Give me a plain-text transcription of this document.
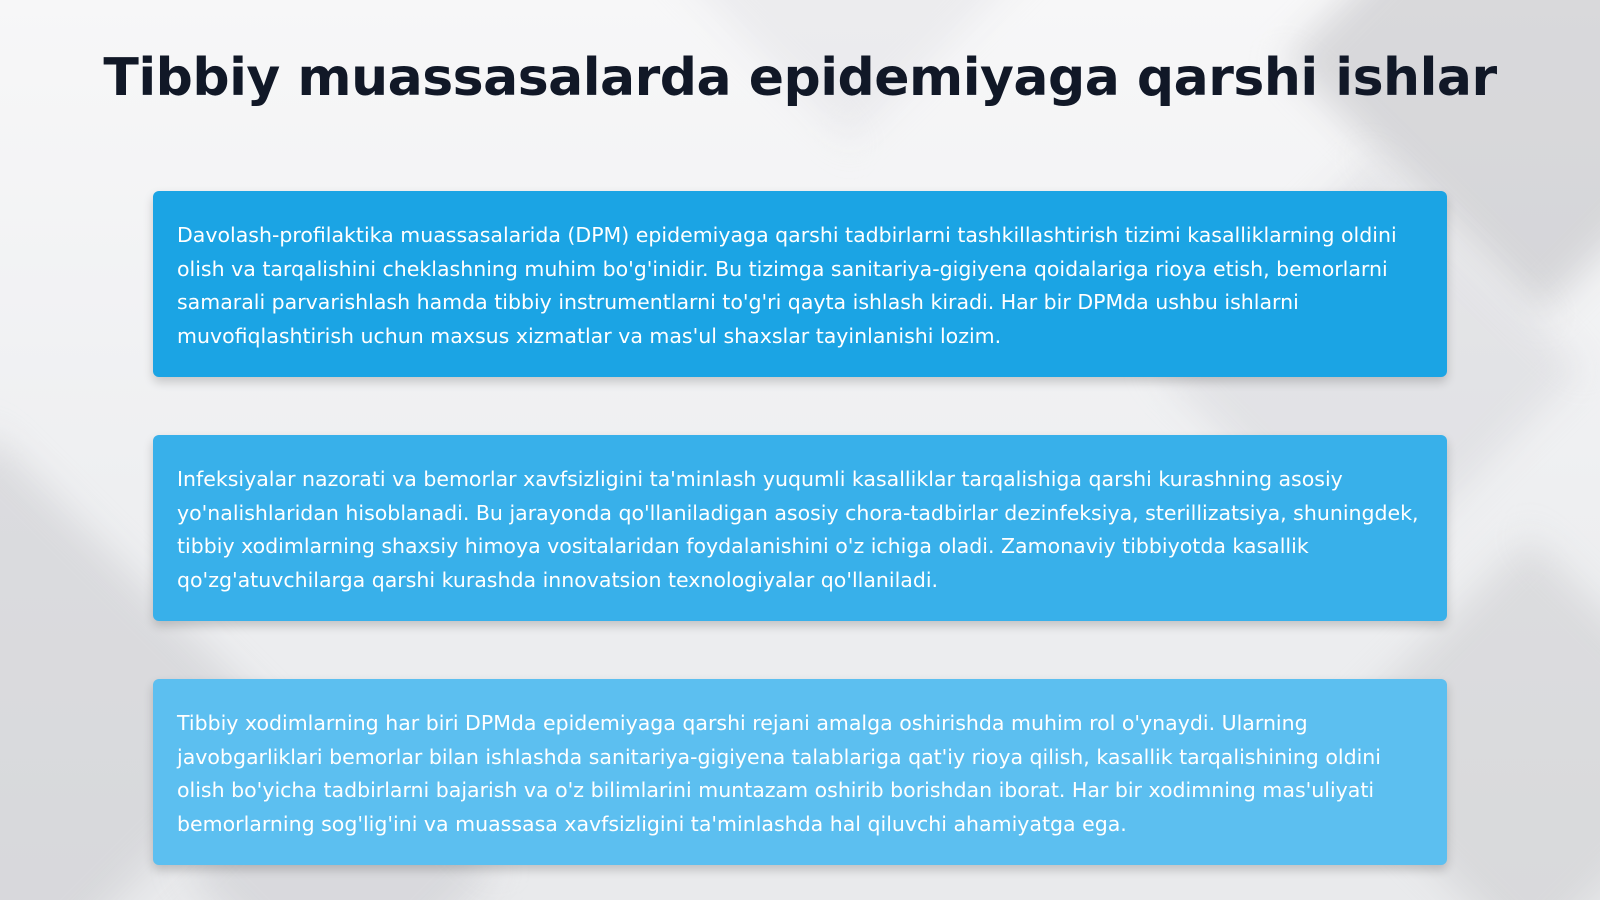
Tibbiy muassasalarda epidemiyaga qarshi ishlar

Davolash-profilaktika muassasalarida (DPM) epidemiyaga qarshi tadbirlarni tashkillashtirish tizimi kasalliklarning oldini olish va tarqalishini cheklashning muhim bo'g'inidir. Bu tizimga sanitariya-gigiyena qoidalariga rioya etish, bemorlarni samarali parvarishlash hamda tibbiy instrumentlarni to'g'ri qayta ishlash kiradi. Har bir DPMda ushbu ishlarni muvofiqlashtirish uchun maxsus xizmatlar va mas'ul shaxslar tayinlanishi lozim.

Infeksiyalar nazorati va bemorlar xavfsizligini ta'minlash yuqumli kasalliklar tarqalishiga qarshi kurashning asosiy yo'nalishlaridan hisoblanadi. Bu jarayonda qo'llaniladigan asosiy chora-tadbirlar dezinfeksiya, sterillizatsiya, shuningdek, tibbiy xodimlarning shaxsiy himoya vositalaridan foydalanishini o'z ichiga oladi. Zamonaviy tibbiyotda kasallik qo'zg'atuvchilarga qarshi kurashda innovatsion texnologiyalar qo'llaniladi.

Tibbiy xodimlarning har biri DPMda epidemiyaga qarshi rejani amalga oshirishda muhim rol o'ynaydi. Ularning javobgarliklari bemorlar bilan ishlashda sanitariya-gigiyena talablariga qat'iy rioya qilish, kasallik tarqalishining oldini olish bo'yicha tadbirlarni bajarish va o'z bilimlarini muntazam oshirib borishdan iborat. Har bir xodimning mas'uliyati bemorlarning sog'lig'ini va muassasa xavfsizligini ta'minlashda hal qiluvchi ahamiyatga ega.
